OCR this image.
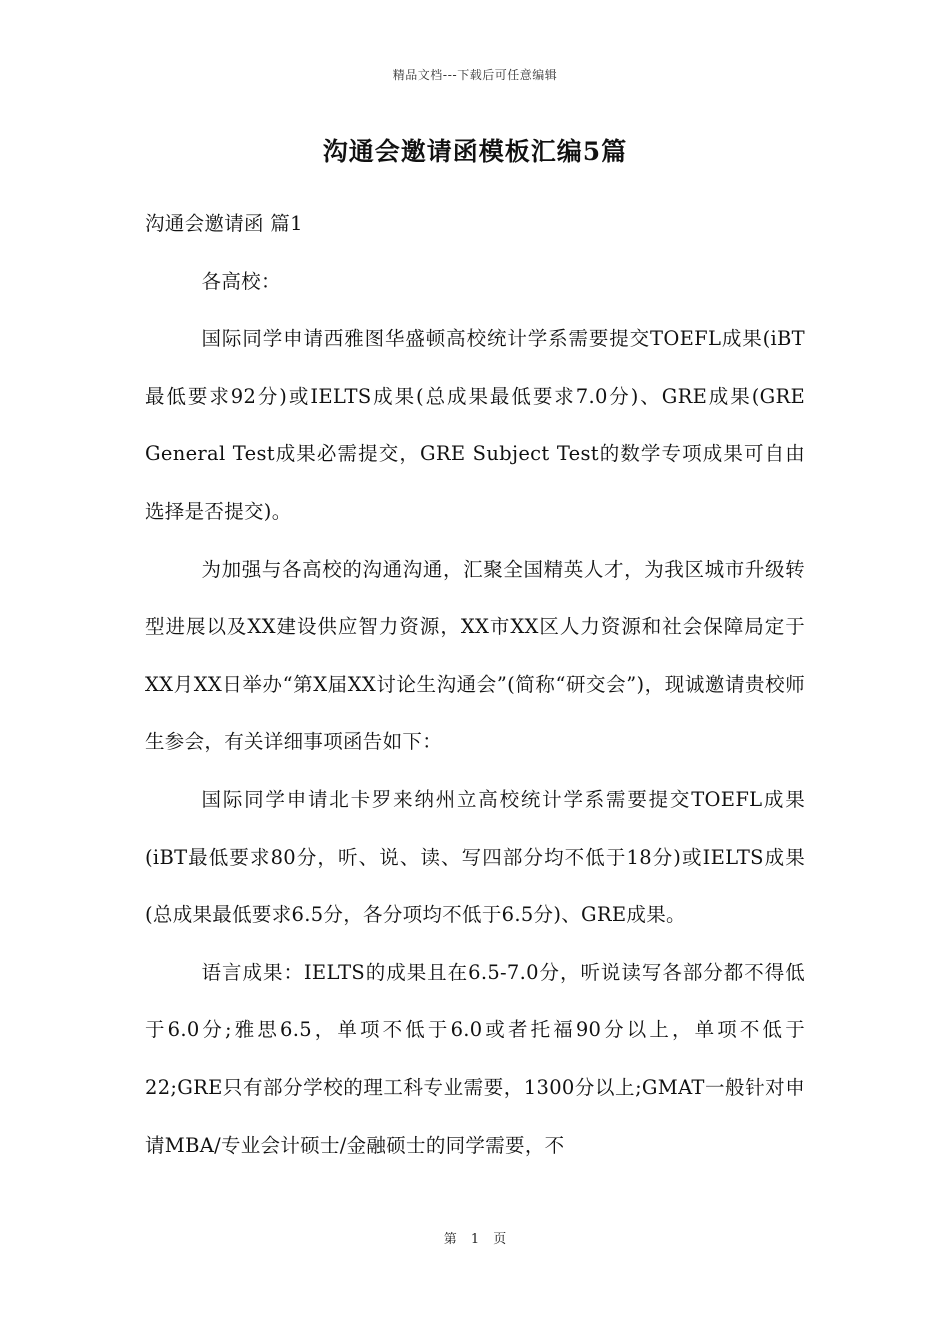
精品文档---下载后可任意编辑
沟通会邀请函模板汇编5篇

沟通会邀请函 篇1

各高校：

国际同学申请西雅图华盛顿高校统计学系需要提交TOEFL成果(iBT最低要求92分)或IELTS成果(总成果最低要求7.0分)、GRE成果(GRE General Test成果必需提交，GRE Subject Test的数学专项成果可自由选择是否提交)。

为加强与各高校的沟通沟通，汇聚全国精英人才，为我区城市升级转型进展以及XX建设供应智力资源，XX市XX区人力资源和社会保障局定于XX月XX日举办“第X届XX讨论生沟通会”(简称“研交会”)，现诚邀请贵校师生参会，有关详细事项函告如下：

国际同学申请北卡罗来纳州立高校统计学系需要提交TOEFL成果(iBT最低要求80分，听、说、读、写四部分均不低于18分)或IELTS成果(总成果最低要求6.5分，各分项均不低于6.5分)、GRE成果。

语言成果：IELTS的成果且在6.5-7.0分，听说读写各部分都不得低于6.0分;雅思6.5，单项不低于6.0或者托福90分以上，单项不低于22;GRE只有部分学校的理工科专业需要，1300分以上;GMAT一般针对申请MBA/专业会计硕士/金融硕士的同学需要，不

第 1 页
